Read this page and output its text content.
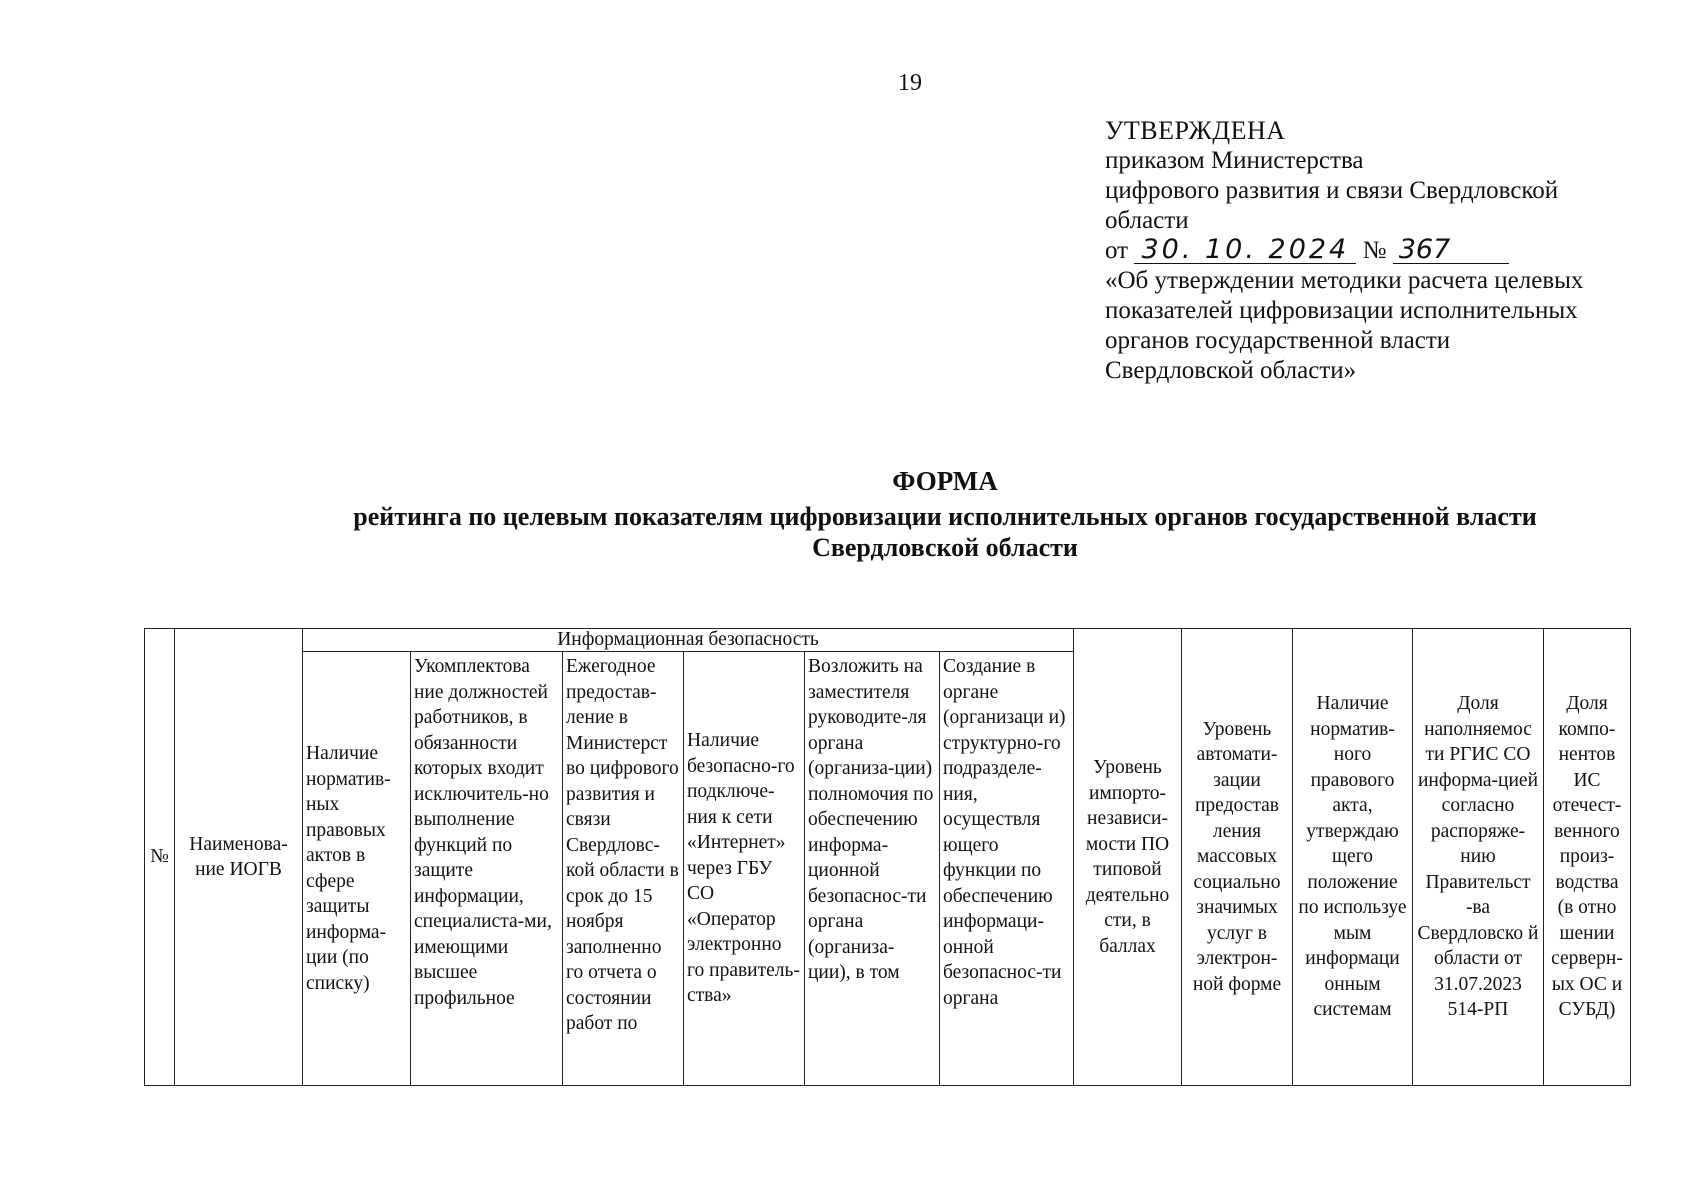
19
УТВЕРЖДЕНА
приказом Министерства
цифрового развития и связи Свердловской
области
от 30. 10. 2024 № 367
«Об утверждении методики расчета целевых
показателей цифровизации исполнительных
органов государственной власти
Свердловской области»
ФОРМА
рейтинга по целевым показателям цифровизации исполнительных органов государственной власти
Свердловской области
№	Наименова-ние ИОГВ	Информационная безопасность						Уровень импорто-независи-мости ПО типовой деятельно сти, в баллах	Уровень автомати-зации предостав ления массовых социально значимых услуг в электрон-ной форме	Наличие норматив-ного правового акта, утверждаю щего положение по используе мым информаци онным системам	Доля наполняемос ти РГИС СО информа-цией согласно распоряже-нию Правительст -ва Свердловско й области от 31.07.2023 514-РП	Доля компо-нентов ИС отечест-венного произ-водства (в отно шении серверн-ых ОС и СУБД)
		Наличие норматив-ных правовых актов в сфере защиты информа-ции (по списку)	Укомплектова ние должностей работников, в обязанности которых входит исключитель-но выполнение функций по защите информации, специалиста-ми, имеющими высшее профильное	Ежегодное предостав-ление в Министерст во цифрового развития и связи Свердловс-кой области в срок до 15 ноября заполненно го отчета о состоянии работ по	Наличие безопасно-го подключе-ния к сети «Интернет» через ГБУ СО «Оператор электронно го правитель-ства»	Возложить на заместителя руководите-ля органа (организа-ции) полномочия по обеспечению информа-ционной безопаснос-ти органа (организа-ции), в том	Создание в органе (организаци и) структурно-го подразделе-ния, осуществля ющего функции по обеспечению информаци-онной безопаснос-ти органа					
